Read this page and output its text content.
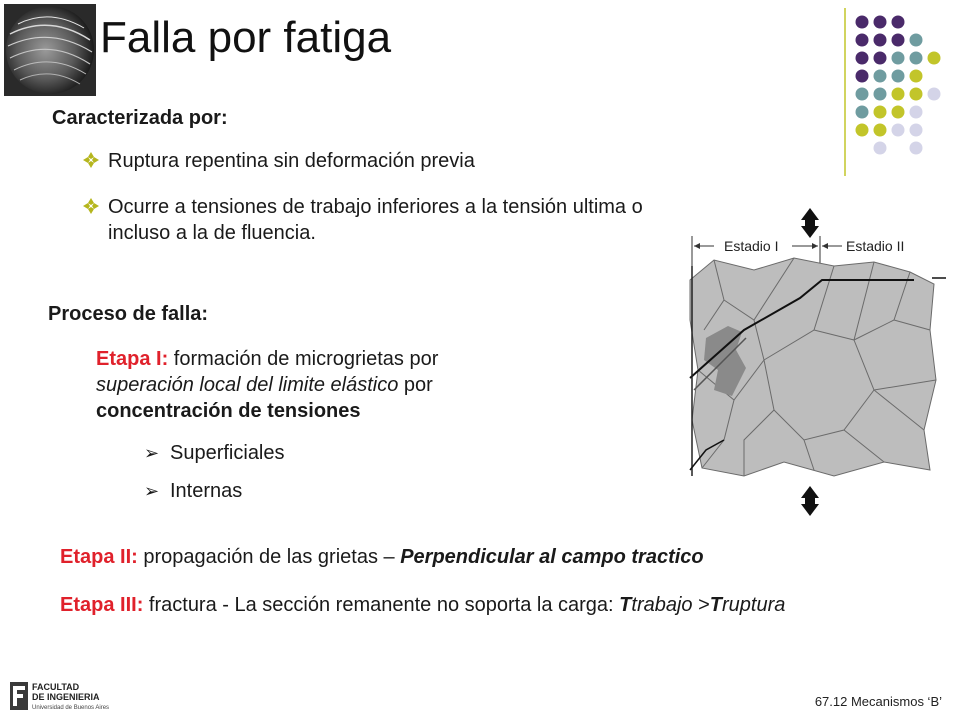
Falla por fatiga
Caracterizada por:
Ruptura repentina sin deformación previa
Ocurre a tensiones de trabajo inferiores a la tensión ultima o incluso a la de fluencia.
Proceso de falla:
Etapa I: formación de microgrietas por superación local del limite elástico por concentración de tensiones
➢ Superficiales
➢ Internas
Etapa II: propagación de las grietas – Perpendicular al campo tractico
Etapa III: fractura - La sección remanente no soporta la carga: Ttrabajo >Truptura
Estadio I	Estadio II
FACULTAD
DE INGENIERIA
Universidad de Buenos Aires	67.12 Mecanismos ‘B’
